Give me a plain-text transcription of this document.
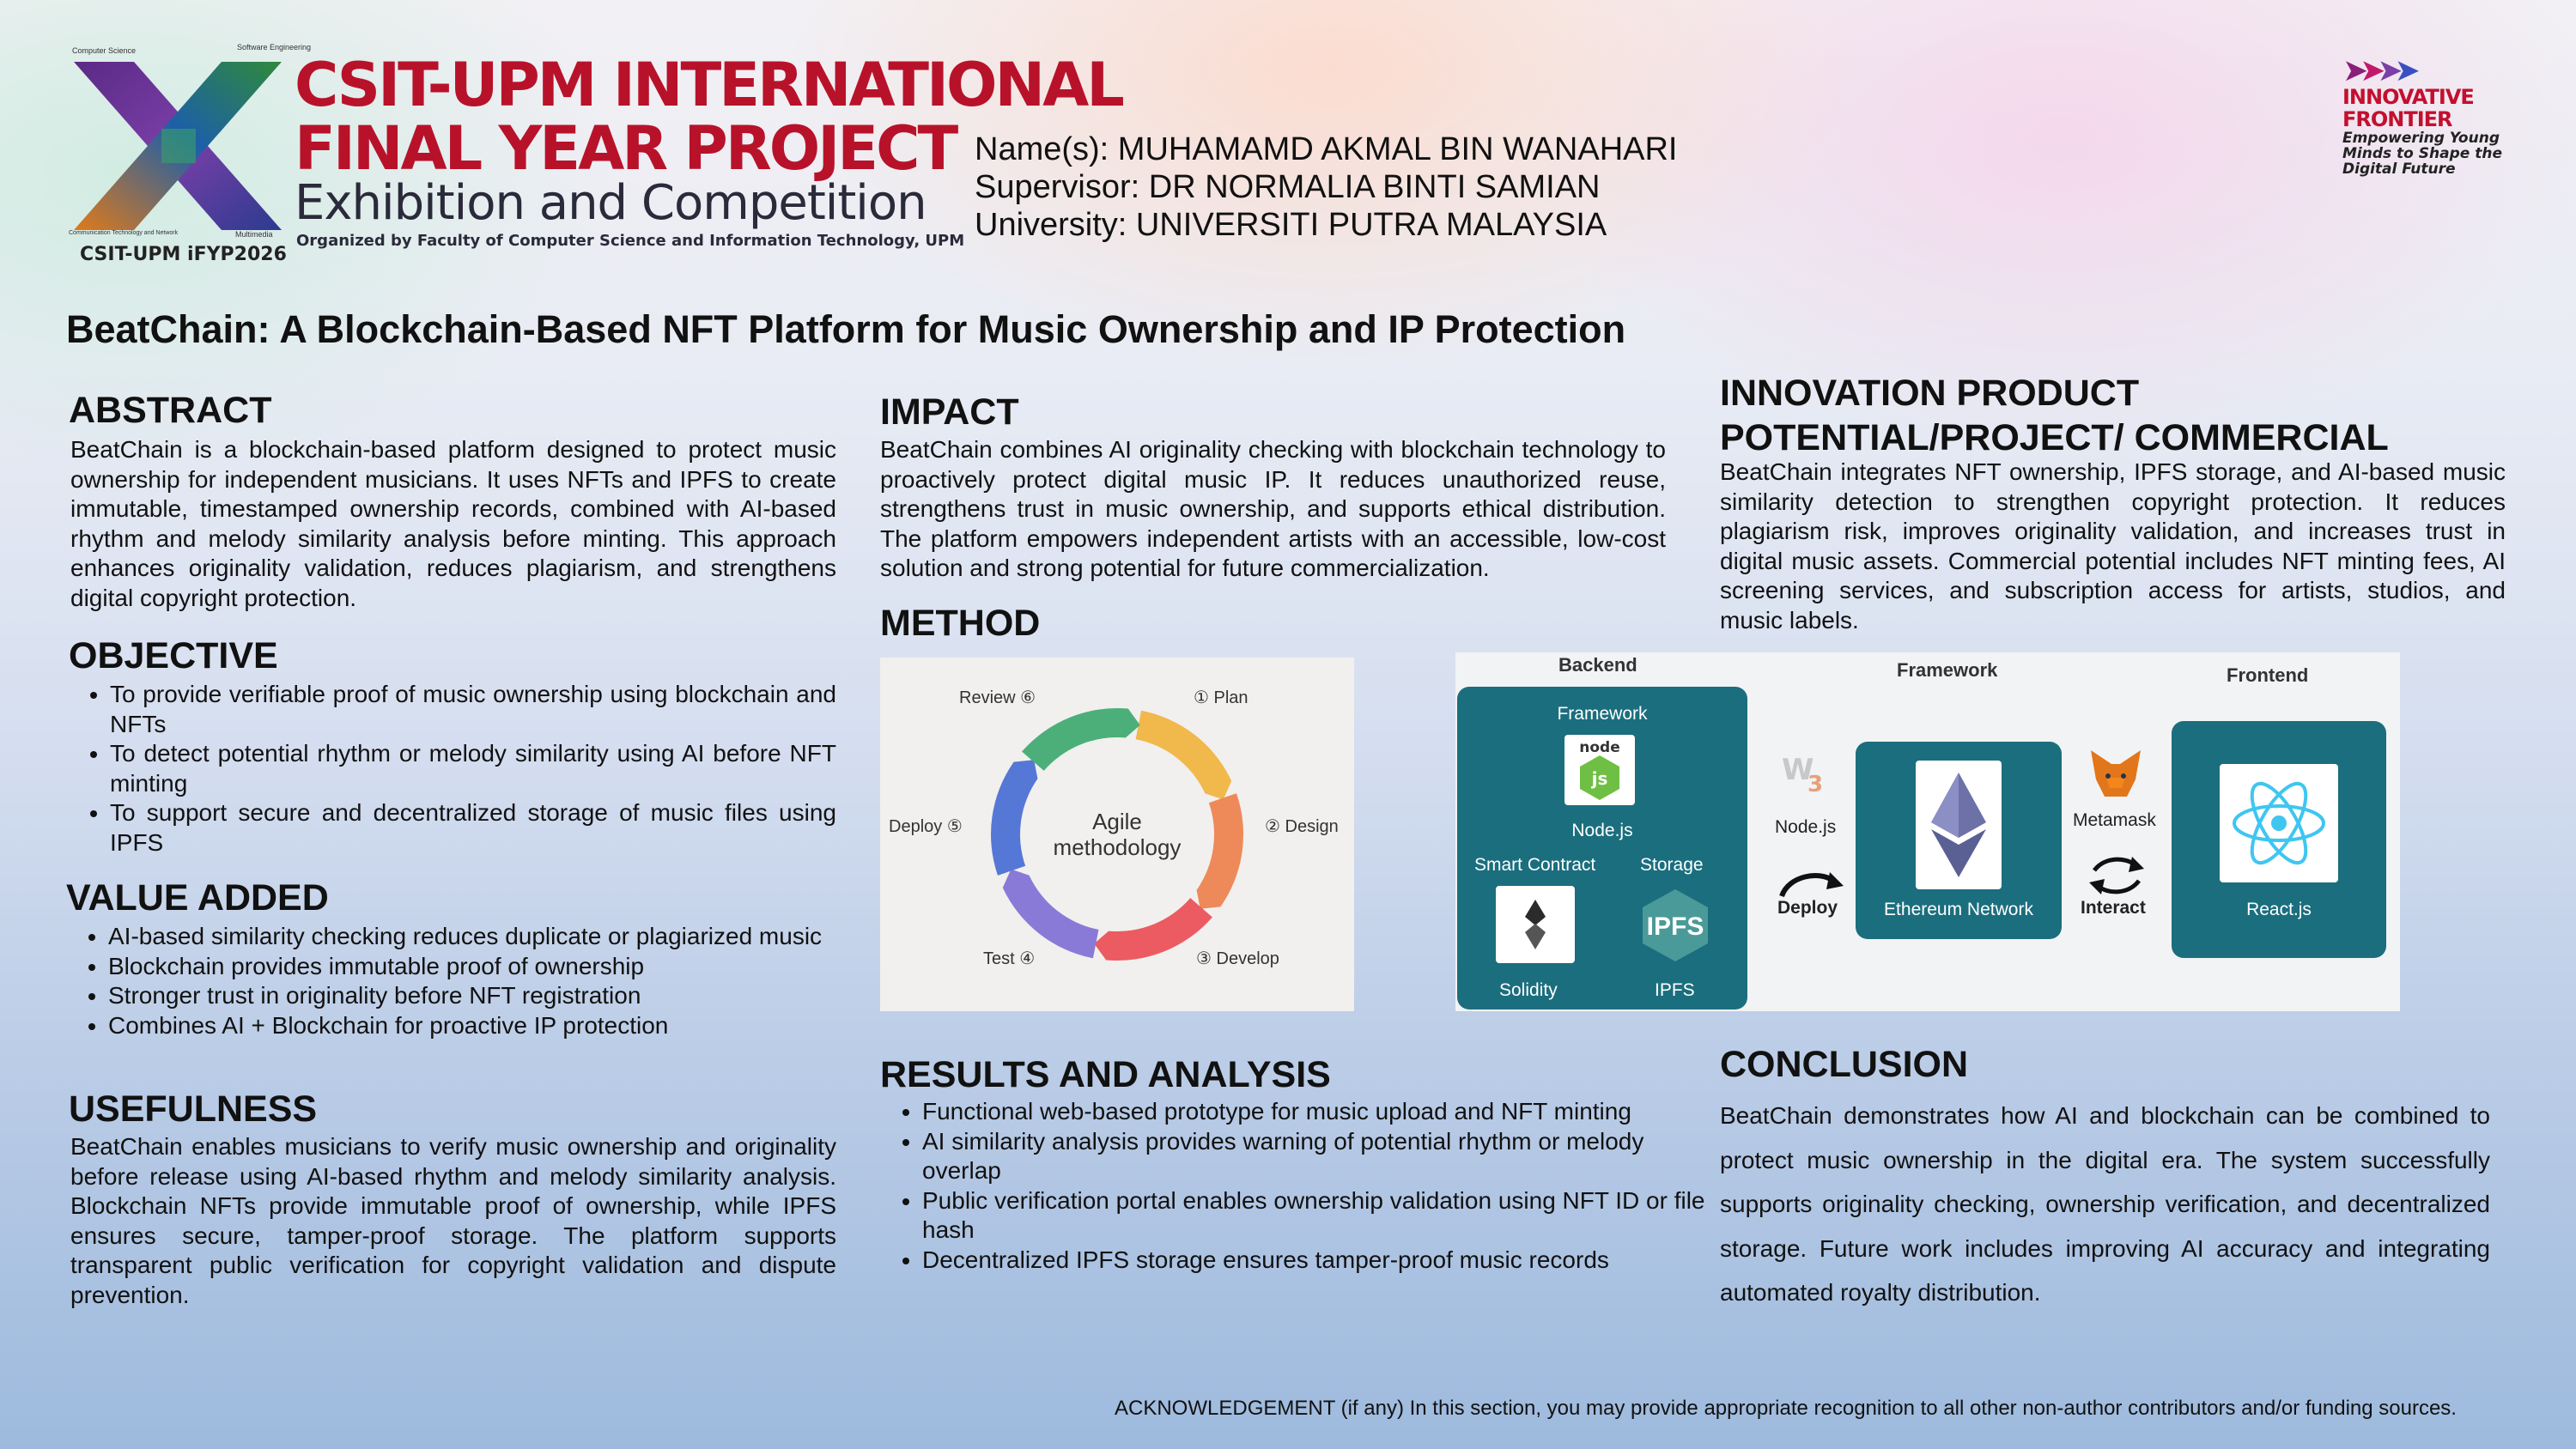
Computer Science	Software Engineering
Communication Technology and Network	Multimedia
CSIT-UPM INTERNATIONAL
FINAL YEAR PROJECT
Exhibition and Competition
Organized by Faculty of Computer Science and Information Technology, UPM
CSIT-UPM iFYP2026
Name(s): MUHAMAMD AKMAL BIN WANAHARI
Supervisor: DR NORMALIA BINTI SAMIAN
University: UNIVERSITI PUTRA MALAYSIA
➤➤➤➤
INNOVATIVE
FRONTIER
Empowering Young
Minds to Shape the
Digital Future
BeatChain: A Blockchain-Based NFT Platform for Music Ownership and IP Protection
ABSTRACT
BeatChain is a blockchain-based platform designed to protect music ownership for independent musicians. It uses NFTs and IPFS to create immutable, timestamped ownership records, combined with AI-based rhythm and melody similarity analysis before minting. This approach enhances originality validation, reduces plagiarism, and strengthens digital copyright protection.
OBJECTIVE
• To provide verifiable proof of music ownership using blockchain and NFTs
• To detect potential rhythm or melody similarity using AI before NFT minting
• To support secure and decentralized storage of music files using IPFS
VALUE ADDED
• AI-based similarity checking reduces duplicate or plagiarized music
• Blockchain provides immutable proof of ownership
• Stronger trust in originality before NFT registration
• Combines AI + Blockchain for proactive IP protection
USEFULNESS
BeatChain enables musicians to verify music ownership and originality before release using AI-based rhythm and melody similarity analysis. Blockchain NFTs provide immutable proof of ownership, while IPFS ensures secure, tamper-proof storage. The platform supports transparent public verification for copyright validation and dispute prevention.
IMPACT
BeatChain combines AI originality checking with blockchain technology to proactively protect digital music IP. It reduces unauthorized reuse, strengthens trust in music ownership, and supports ethical distribution. The platform empowers independent artists with an accessible, low-cost solution and strong potential for future commercialization.
METHOD
Agile
methodology
① Plan
② Design
③ Develop
Test ④
Deploy ⑤
Review ⑥
Backend	Framework	Frontend
Framework
js
node
Node.js
Smart Contract Storage
IPFS
Solidity	IPFS
W
3
Node.js
Deploy	Ethereum Network
Metamask
Interact	React.js
RESULTS AND ANALYSIS
• Functional web-based prototype for music upload and NFT minting
• AI similarity analysis provides warning of potential rhythm or melody overlap
• Public verification portal enables ownership validation using NFT ID or file hash
• Decentralized IPFS storage ensures tamper-proof music records
INNOVATION PRODUCT
POTENTIAL/PROJECT/ COMMERCIAL
BeatChain integrates NFT ownership, IPFS storage, and AI-based music similarity detection to strengthen copyright protection. It reduces plagiarism risk, improves originality validation, and increases trust in digital music assets. Commercial potential includes NFT minting fees, AI screening services, and subscription access for artists, studios, and music labels.
CONCLUSION
BeatChain demonstrates how AI and blockchain can be combined to protect music ownership in the digital era. The system successfully supports originality checking, ownership verification, and decentralized storage. Future work includes improving AI accuracy and integrating automated royalty distribution.
ACKNOWLEDGEMENT (if any) In this section, you may provide appropriate recognition to all other non-author contributors and/or funding sources.
